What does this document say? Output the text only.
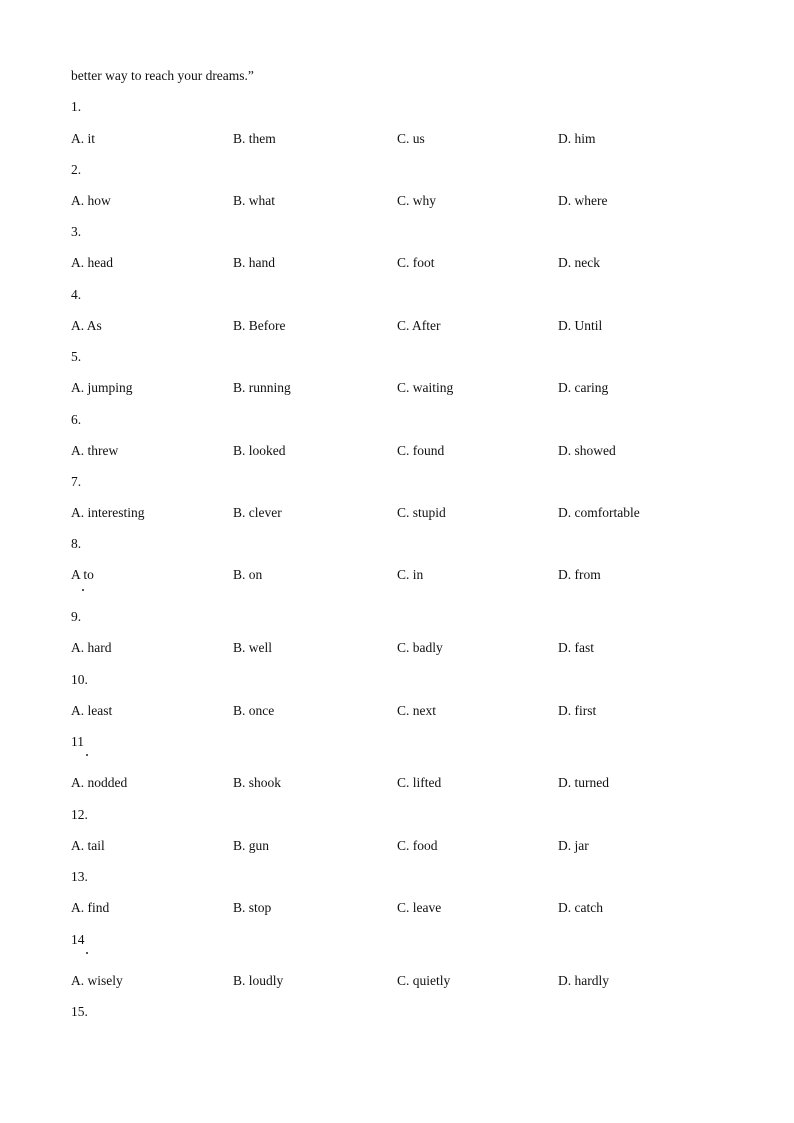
better way to reach your dreams.”
1.
A. it	B. them	C. us	D. him
2.
A. how	B. what	C. why	D. where
3.
A. head	B. hand	C. foot	D. neck
4.
A. As	B. Before	C. After	D. Until
5.
A. jumping	B. running	C. waiting	D. caring
6.
A. threw	B. looked	C. found	D. showed
7.
A. interesting	B. clever	C. stupid	D. comfortable
8.
A to	B. on	C. in	D. from
9.
A. hard	B. well	C. badly	D. fast
10.
A. least	B. once	C. next	D. first
11
A. nodded	B. shook	C. lifted	D. turned
12.
A. tail	B. gun	C. food	D. jar
13.
A. find	B. stop	C. leave	D. catch
14
A. wisely	B. loudly	C. quietly	D. hardly
15.
